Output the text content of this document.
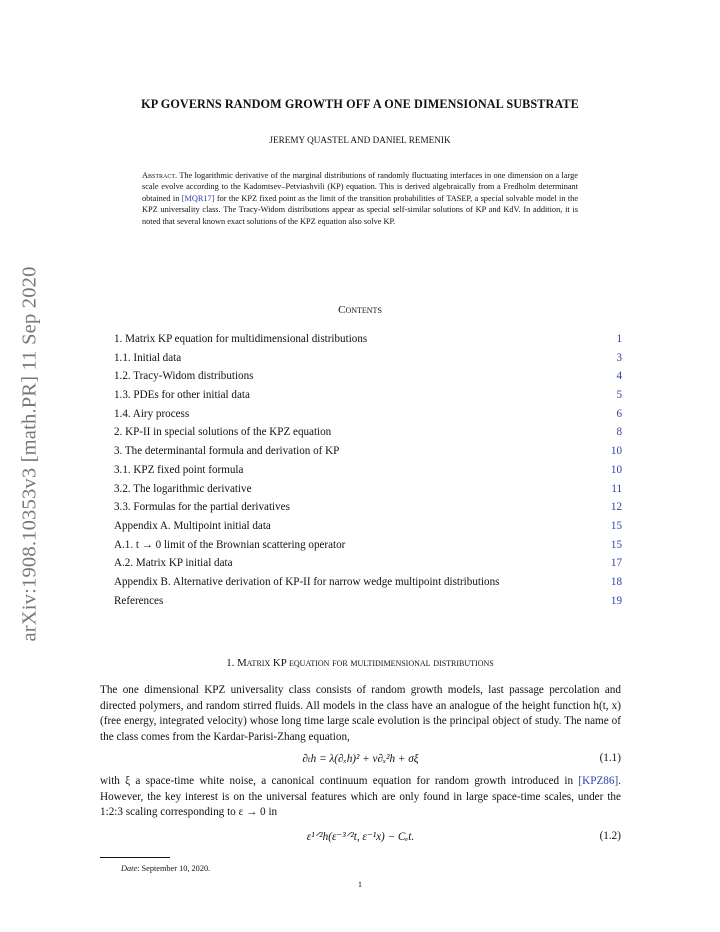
arXiv:1908.10353v3 [math.PR] 11 Sep 2020
KP GOVERNS RANDOM GROWTH OFF A ONE DIMENSIONAL SUBSTRATE
JEREMY QUASTEL AND DANIEL REMENIK
Abstract. The logarithmic derivative of the marginal distributions of randomly fluctuating interfaces in one dimension on a large scale evolve according to the Kadomtsev–Petviashvili (KP) equation. This is derived algebraically from a Fredholm determinant obtained in [MQR17] for the KPZ fixed point as the limit of the transition probabilities of TASEP, a special solvable model in the KPZ universality class. The Tracy-Widom distributions appear as special self-similar solutions of KP and KdV. In addition, it is noted that several known exact solutions of the KPZ equation also solve KP.
Contents
1. Matrix KP equation for multidimensional distributions	1
1.1. Initial data	3
1.2. Tracy-Widom distributions	4
1.3. PDEs for other initial data	5
1.4. Airy process	6
2. KP-II in special solutions of the KPZ equation	8
3. The determinantal formula and derivation of KP	10
3.1. KPZ fixed point formula	10
3.2. The logarithmic derivative	11
3.3. Formulas for the partial derivatives	12
Appendix A. Multipoint initial data	15
A.1. t → 0 limit of the Brownian scattering operator	15
A.2. Matrix KP initial data	17
Appendix B. Alternative derivation of KP-II for narrow wedge multipoint distributions	18
References	19
1. Matrix KP equation for multidimensional distributions
The one dimensional KPZ universality class consists of random growth models, last passage percolation and directed polymers, and random stirred fluids. All models in the class have an analogue of the height function h(t, x) (free energy, integrated velocity) whose long time large scale evolution is the principal object of study. The name of the class comes from the Kardar-Parisi-Zhang equation,
∂ₜh = λ(∂ₓh)² + ν∂ₓ²h + σξ	(1.1)
with ξ a space-time white noise, a canonical continuum equation for random growth introduced in [KPZ86]. However, the key interest is on the universal features which are only found in large space-time scales, under the 1:2:3 scaling corresponding to ε → 0 in
ε¹ᐟ²h(ε⁻³ᐟ²t, ε⁻¹x) − Cₑt.	(1.2)
Date: September 10, 2020.
1
